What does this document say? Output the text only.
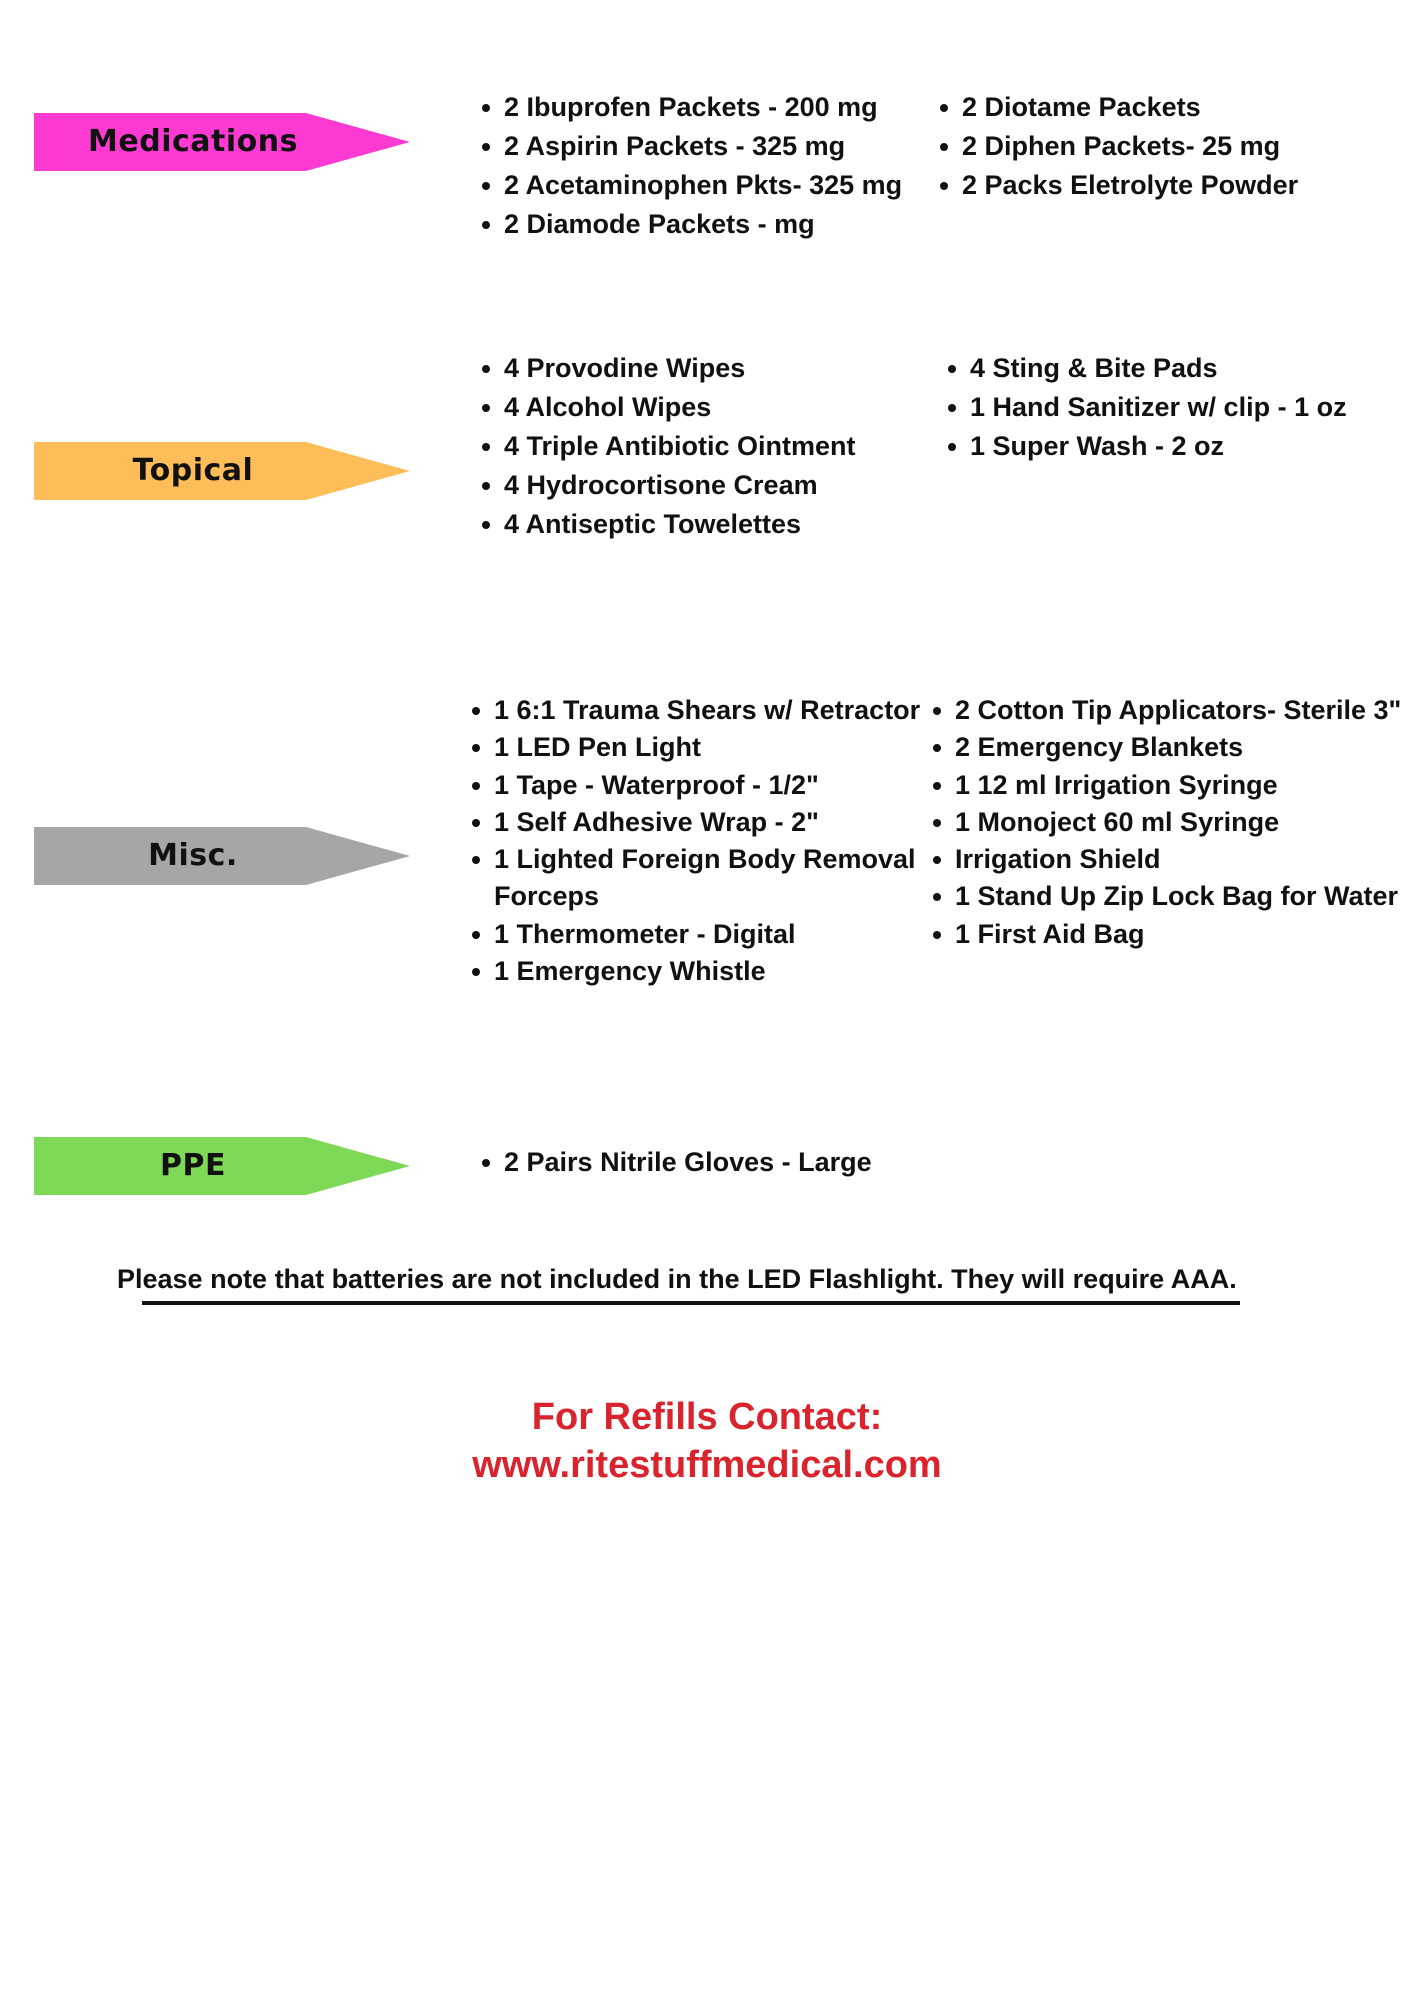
Medications
2 Ibuprofen Packets - 200 mg
2 Aspirin Packets - 325 mg
2 Acetaminophen Pkts- 325 mg
2 Diamode Packets - mg
2 Diotame Packets
2 Diphen Packets- 25 mg
2 Packs Eletrolyte Powder
Topical
4 Provodine Wipes
4 Alcohol Wipes
4 Triple Antibiotic Ointment
4 Hydrocortisone Cream
4 Antiseptic Towelettes
4 Sting & Bite Pads
1 Hand Sanitizer w/ clip - 1 oz
1 Super Wash - 2 oz
Misc.
1 6:1 Trauma Shears w/ Retractor
1 LED Pen Light
1 Tape - Waterproof - 1/2"
1 Self Adhesive Wrap - 2"
1 Lighted Foreign Body Removal Forceps
1 Thermometer - Digital
1 Emergency Whistle
2 Cotton Tip Applicators- Sterile 3"
2 Emergency Blankets
1 12 ml Irrigation Syringe
1 Monoject 60 ml Syringe
Irrigation Shield
1 Stand Up Zip Lock Bag for Water
1 First Aid Bag
PPE	2 Pairs Nitrile Gloves - Large
Please note that batteries are not included in the LED Flashlight. They will require AAA.
For Refills Contact:
www.ritestuffmedical.com
